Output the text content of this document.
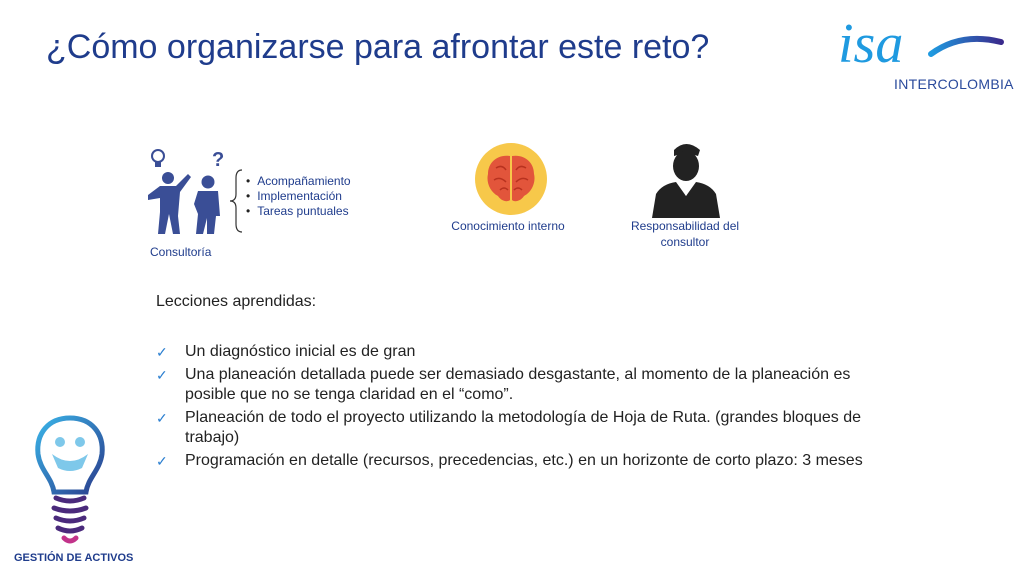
¿Cómo organizarse para afrontar este reto? isa
INTERCOLOMBIA
?
• Acompañamiento
• Implementación
• Tareas puntuales
Consultoría
Conocimiento interno	Responsabilidad del
consultor
Lecciones aprendidas:
✓ Un diagnóstico inicial es de gran
✓ Una planeación detallada puede ser demasiado desgastante, al momento de la planeación es posible que no se tenga claridad en el “como”.
✓ Planeación de todo el proyecto utilizando la metodología de Hoja de Ruta. (grandes bloques de trabajo)
✓ Programación en detalle (recursos, precedencias, etc.) en un horizonte de corto plazo: 3 meses
GESTIÓN DE ACTIVOS
